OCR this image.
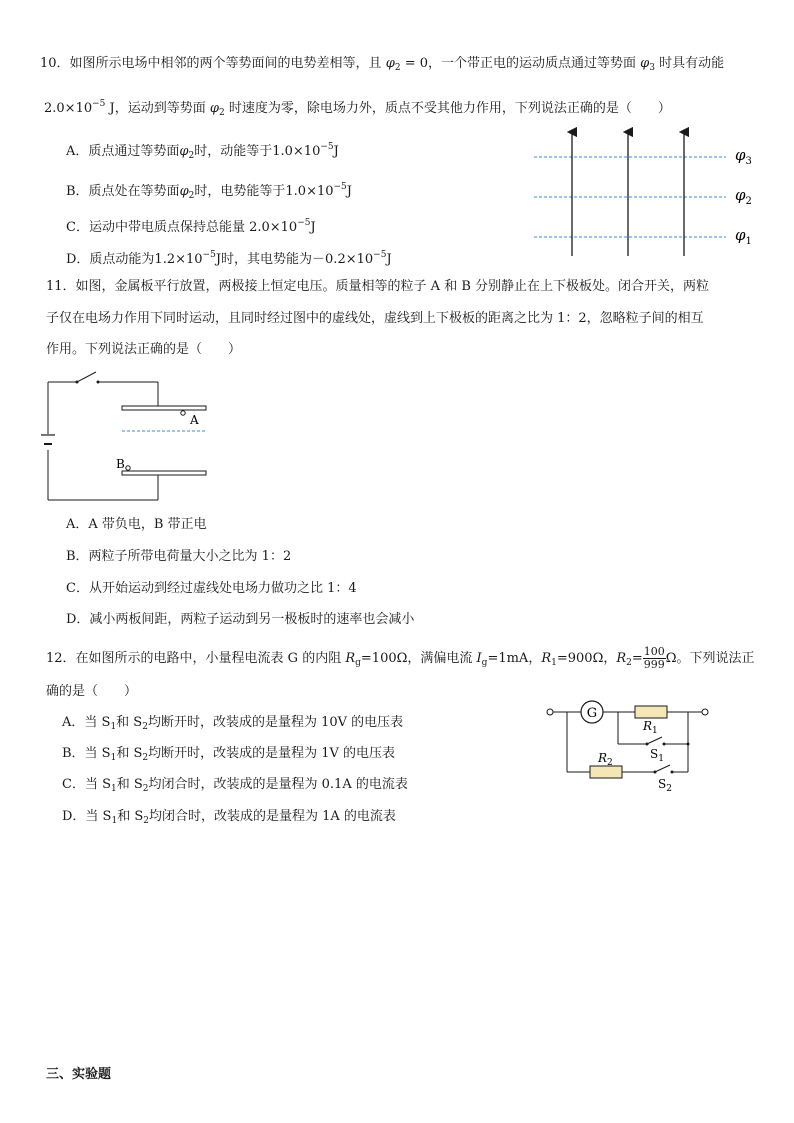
10．如图所示电场中相邻的两个等势面间的电势差相等，且 $\varphi_2 = 0$，一个带正电的运动质点通过等势面 $\varphi_3$ 时具有动能
$2.0\times 10^{-5}$ J，运动到等势面 $\varphi_2$ 时速度为零，除电场力外，质点不受其他力作用，下列说法正确的是（　　）
A．质点通过等势面$\varphi_2$时，动能等于$1.0\times 10^{-5}J$
B．质点处在等势面$\varphi_2$时，电势能等于$1.0\times 10^{-5}J$
C．运动中带电质点保持总能量 $2.0\times 10^{-5}J$
D．质点动能为$1.2\times 10^{-5}J$时，其电势能为$-0.2\times 10^{-5}J$
$\varphi_3$
$\varphi_2$
$\varphi_1$
11．如图，金属板平行放置，两极接上恒定电压。质量相等的粒子 A 和 B 分别静止在上下极板处。闭合开关，两粒
子仅在电场力作用下同时运动，且同时经过图中的虚线处，虚线到上下极板的距离之比为 1：2，忽略粒子间的相互
作用。下列说法正确的是（　　）
A
B
A．A 带负电，B 带正电
B．两粒子所带电荷量大小之比为 1：2
C．从开始运动到经过虚线处电场力做功之比 1：4
D．减小两板间距，两粒子运动到另一极板时的速率也会减小
12．在如图所示的电路中，小量程电流表 G 的内阻 $R_g=100\Omega$，满偏电流 $I_g=1mA$，$R_1=900\Omega$，$R_2= \frac{100}{999}$ Ω。下列说法正
确的是（　　）
A．当 $S_1$和 $S_2$均断开时，改装成的是量程为 10V 的电压表
B．当 $S_1$和 $S_2$均断开时，改装成的是量程为 1V 的电压表
C．当 $S_1$和 $S_2$均闭合时，改装成的是量程为 0.1A 的电流表
D．当 $S_1$和 $S_2$均闭合时，改装成的是量程为 1A 的电流表
G
$R_1$
$S_1$
$R_2$
$S_2$
三、实验题
